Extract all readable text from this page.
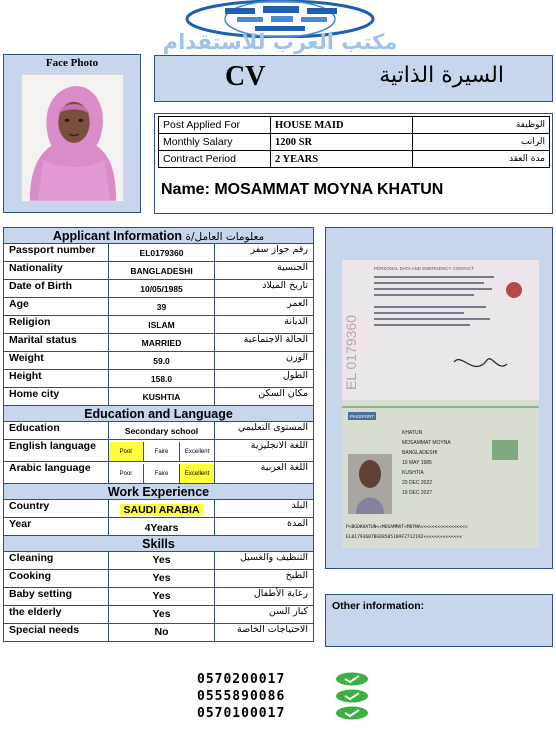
مكتب العرب للاستقدام
Face Photo	CV	السيرة الذاتية
Post Applied For	HOUSE MAID	الوظيفة
Monthly Salary	1200 SR	الراتب
Contract Period	2 YEARS	مدة العقد
Name: MOSAMMAT MOYNA KHATUN
Applicant Information معلومات العامل/ة		
Passport number	EL0179360	رقم جواز سفر
Nationality	BANGLADESHI	الجنسية
Date of Birth	10/05/1985	تاريخ الميلاد
Age	39	العمر
Religion	ISLAM	الديانة
Marital status	MARRIED	الحالة الاجتماعية
Weight	59.0	الوزن
Height	158.0	الطول
Home city	KUSHTIA	مكان السكن
Education and Language		
Education	Secondary school	المستوى التعليمي
English language	Poor Faire Excellent	اللغة الانجليزية
Arabic language	Poor Faire Excellent	اللغة العربية
Work Experience		
Country	SAUDI ARABIA	البلد
Year	4Years	المدة
Skills		
Cleaning	Yes	التنظيف والغسيل
Cooking	Yes	الطبخ
Baby setting	Yes	رعاية الأطفال
the elderly	Yes	كبار السن
Special needs	No	الاحتياجات الخاصة
PERSONAL DATA AND EMERGENCY CONTACT
EL 0179360
PASSPORT
KHATUN
MOSAMMAT MOYNA
BANGLADESHI
10 MAY 1985
KUSHTIA
20 DEC 2022
19 DEC 2027
P<BGDKHATUN<<MOSAMMAT<MOYNA<<<<<<<<<<<<<<<<<
EL01793607BGD8505109F2712192<<<<<<<<<<<<<<
Other information:
0570200017
0555890086
0570100017
